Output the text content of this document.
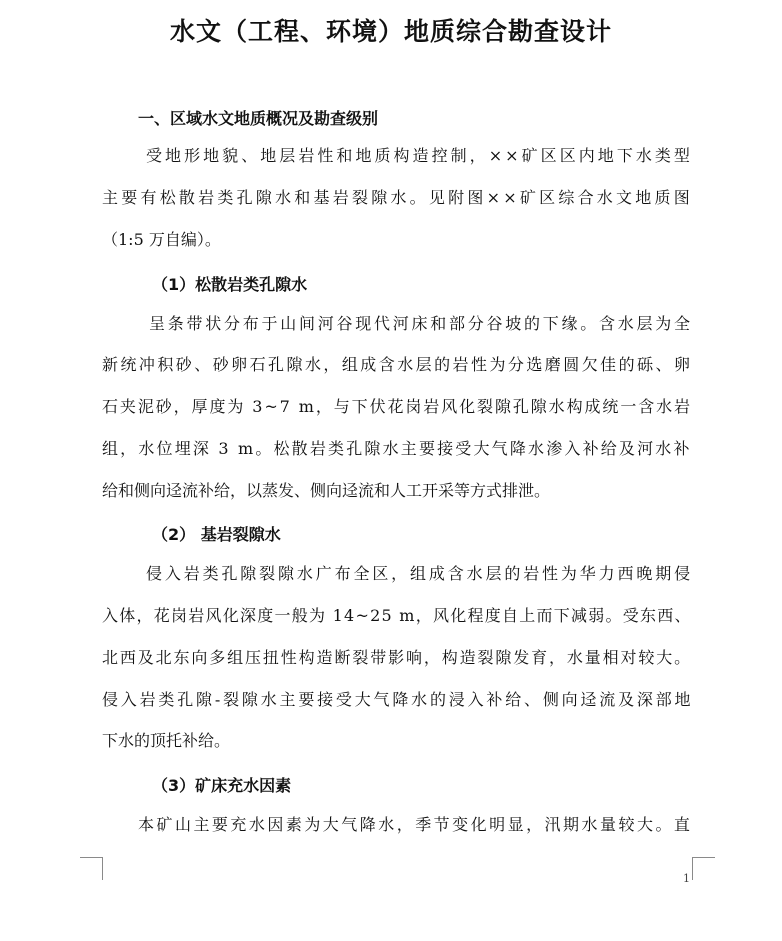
水文（工程、环境）地质综合勘查设计
一、区域水文地质概况及勘查级别
受地形地貌、地层岩性和地质构造控制，××矿区区内地下水类型
主要有松散岩类孔隙水和基岩裂隙水。见附图××矿区综合水文地质图
（1:5 万自编）。
（1）松散岩类孔隙水
呈条带状分布于山间河谷现代河床和部分谷坡的下缘。含水层为全
新统冲积砂、砂卵石孔隙水，组成含水层的岩性为分选磨圆欠佳的砾、卵
石夹泥砂，厚度为 3~7 m，与下伏花岗岩风化裂隙孔隙水构成统一含水岩
组，水位埋深 3 m。松散岩类孔隙水主要接受大气降水渗入补给及河水补
给和侧向迳流补给，以蒸发、侧向迳流和人工开采等方式排泄。
（2） 基岩裂隙水
侵入岩类孔隙裂隙水广布全区，组成含水层的岩性为华力西晚期侵
入体，花岗岩风化深度一般为 14~25 m，风化程度自上而下减弱。受东西、
北西及北东向多组压扭性构造断裂带影响，构造裂隙发育，水量相对较大。
侵入岩类孔隙-裂隙水主要接受大气降水的浸入补给、侧向迳流及深部地
下水的顶托补给。
（3）矿床充水因素
本矿山主要充水因素为大气降水，季节变化明显，汛期水量较大。直
1
